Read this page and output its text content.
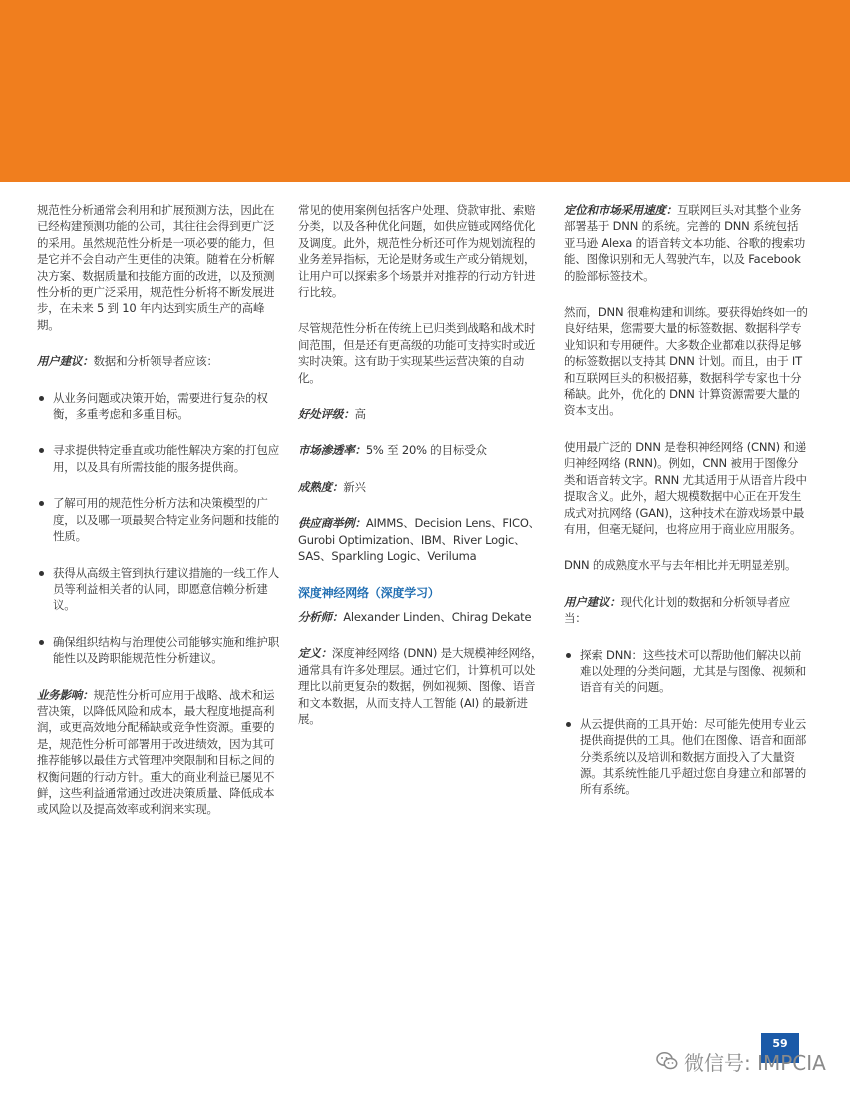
规范性分析通常会利用和扩展预测方法，因此在已经构建预测功能的公司，其往往会得到更广泛的采用。虽然规范性分析是一项必要的能力，但是它并不会自动产生更佳的决策。随着在分析解决方案、数据质量和技能方面的改进，以及预测性分析的更广泛采用，规范性分析将不断发展进步，在未来 5 到 10 年内达到实质生产的高峰期。

用户建议：数据和分析领导者应该：

从业务问题或决策开始，需要进行复杂的权衡，多重考虑和多重目标。
寻求提供特定垂直或功能性解决方案的打包应用，以及具有所需技能的服务提供商。
了解可用的规范性分析方法和决策模型的广度，以及哪一项最契合特定业务问题和技能的性质。
获得从高级主管到执行建议措施的一线工作人员等利益相关者的认同，即愿意信赖分析建议。
确保组织结构与治理使公司能够实施和维护职能性以及跨职能规范性分析建议。

业务影响：规范性分析可应用于战略、战术和运营决策，以降低风险和成本，最大程度地提高利润，或更高效地分配稀缺或竞争性资源。重要的是，规范性分析可部署用于改进绩效，因为其可推荐能够以最佳方式管理冲突限制和目标之间的权衡问题的行动方针。重大的商业利益已屡见不鲜，这些利益通常通过改进决策质量、降低成本或风险以及提高效率或利润来实现。

常见的使用案例包括客户处理、贷款审批、索赔分类，以及各种优化问题，如供应链或网络优化及调度。此外，规范性分析还可作为规划流程的业务差异指标，无论是财务或生产或分销规划，让用户可以探索多个场景并对推荐的行动方针进行比较。

尽管规范性分析在传统上已归类到战略和战术时间范围，但是还有更高级的功能可支持实时或近实时决策。这有助于实现某些运营决策的自动化。

好处评级：高

市场渗透率：5% 至 20% 的目标受众

成熟度：新兴

供应商举例：AIMMS、Decision Lens、FICO、Gurobi Optimization、IBM、River Logic、SAS、Sparkling Logic、Veriluma

深度神经网络（深度学习）

分析师：Alexander Linden、Chirag Dekate

定义：深度神经网络 (DNN) 是大规模神经网络，通常具有许多处理层。通过它们，计算机可以处理比以前更复杂的数据，例如视频、图像、语音和文本数据，从而支持人工智能 (AI) 的最新进展。

定位和市场采用速度：互联网巨头对其整个业务部署基于 DNN 的系统。完善的 DNN 系统包括亚马逊 Alexa 的语音转文本功能、谷歌的搜索功能、图像识别和无人驾驶汽车，以及 Facebook 的脸部标签技术。

然而，DNN 很难构建和训练。要获得始终如一的良好结果，您需要大量的标签数据、数据科学专业知识和专用硬件。大多数企业都难以获得足够的标签数据以支持其 DNN 计划。而且，由于 IT 和互联网巨头的积极招募，数据科学专家也十分稀缺。此外，优化的 DNN 计算资源需要大量的资本支出。

使用最广泛的 DNN 是卷积神经网络 (CNN) 和递归神经网络 (RNN)。例如，CNN 被用于图像分类和语音转文字。RNN 尤其适用于从语音片段中提取含义。此外，超大规模数据中心正在开发生成式对抗网络 (GAN)，这种技术在游戏场景中最有用，但毫无疑问，也将应用于商业应用服务。

DNN 的成熟度水平与去年相比并无明显差别。

用户建议：现代化计划的数据和分析领导者应当：

探索 DNN：这些技术可以帮助他们解决以前难以处理的分类问题，尤其是与图像、视频和语音有关的问题。
从云提供商的工具开始：尽可能先使用专业云提供商提供的工具。他们在图像、语音和面部分类系统以及培训和数据方面投入了大量资源。其系统性能几乎超过您自身建立和部署的所有系统。
59
微信号: IMPCIA
